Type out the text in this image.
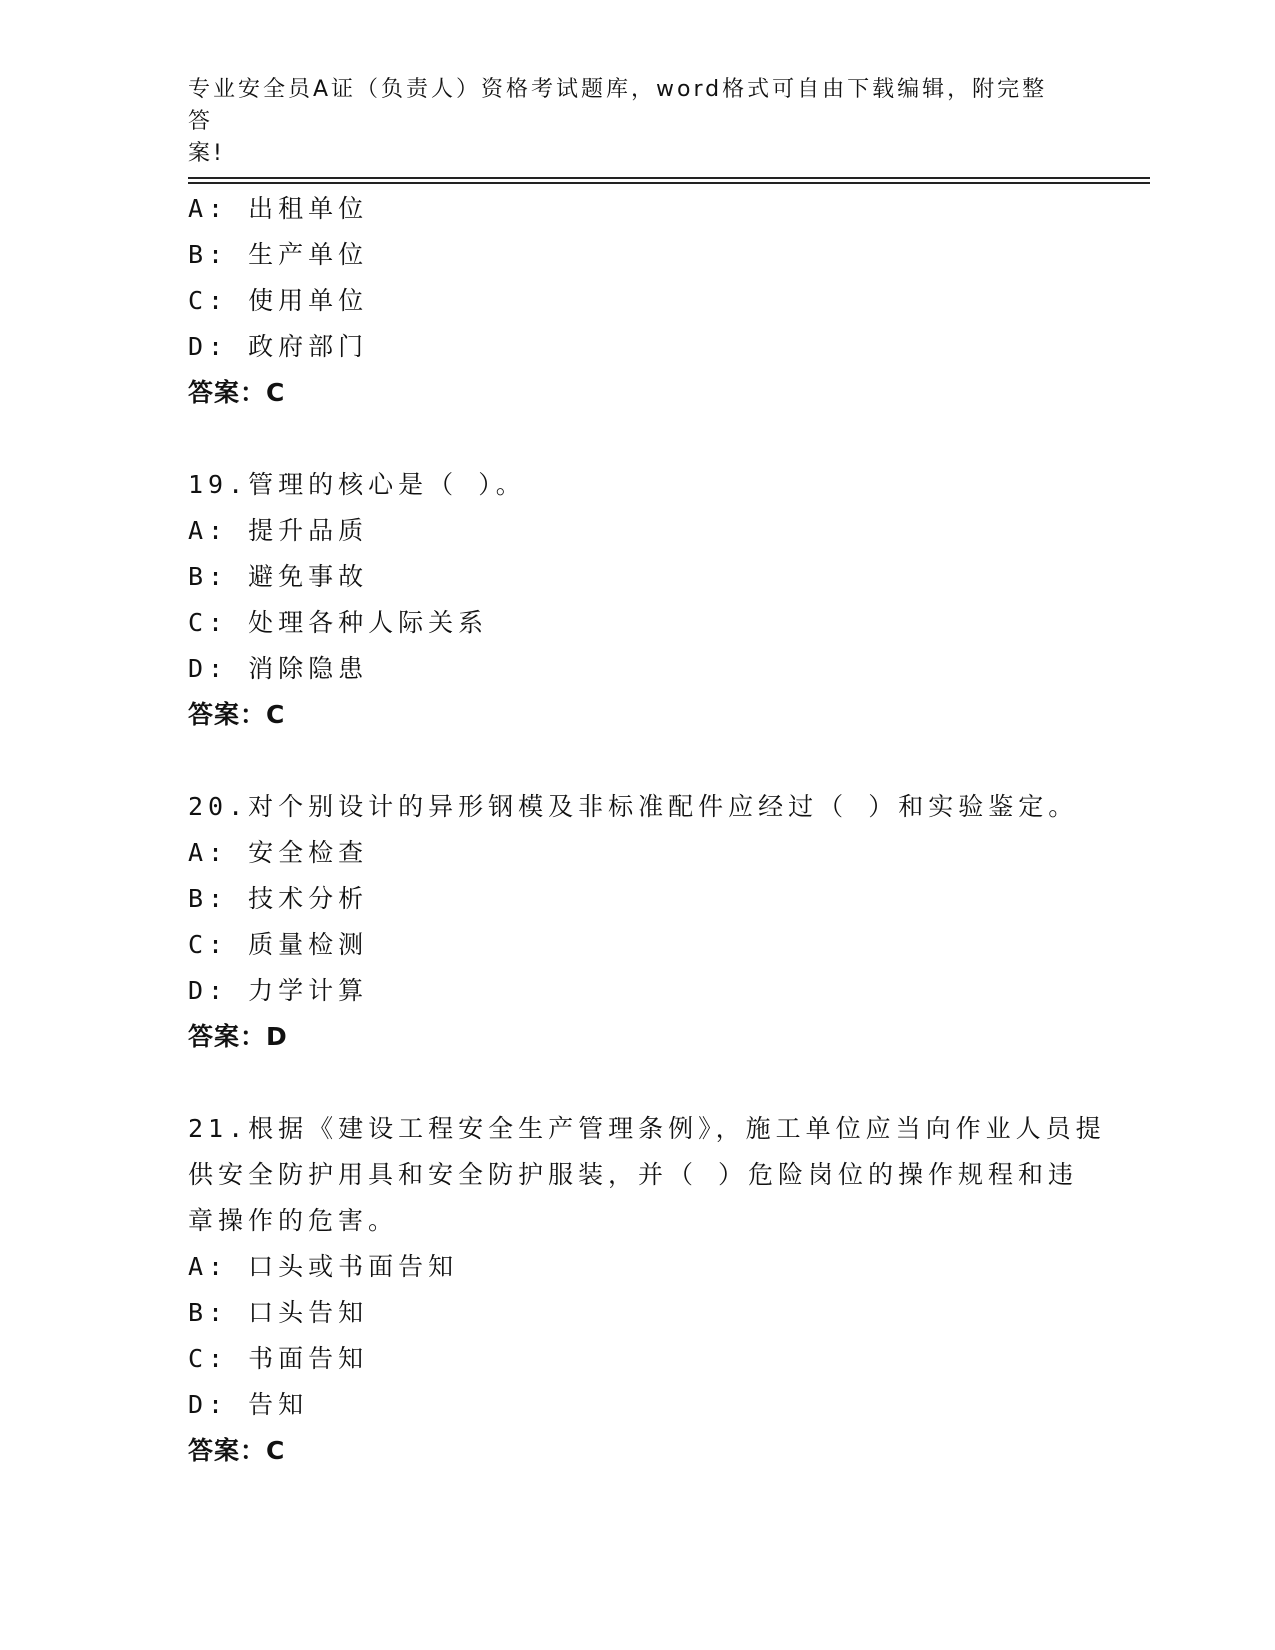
专业安全员A证（负责人）资格考试题库，word格式可自由下载编辑，附完整答
案!
A: 出租单位
B: 生产单位
C: 使用单位
D: 政府部门
答案：C
19.管理的核心是（ ）。
A: 提升品质
B: 避免事故
C: 处理各种人际关系
D: 消除隐患
答案：C
20.对个别设计的异形钢模及非标准配件应经过（ ）和实验鉴定。
A: 安全检查
B: 技术分析
C: 质量检测
D: 力学计算
答案：D
21.根据《建设工程安全生产管理条例》，施工单位应当向作业人员提
供安全防护用具和安全防护服装，并（ ）危险岗位的操作规程和违
章操作的危害。
A: 口头或书面告知
B: 口头告知
C: 书面告知
D: 告知
答案：C
